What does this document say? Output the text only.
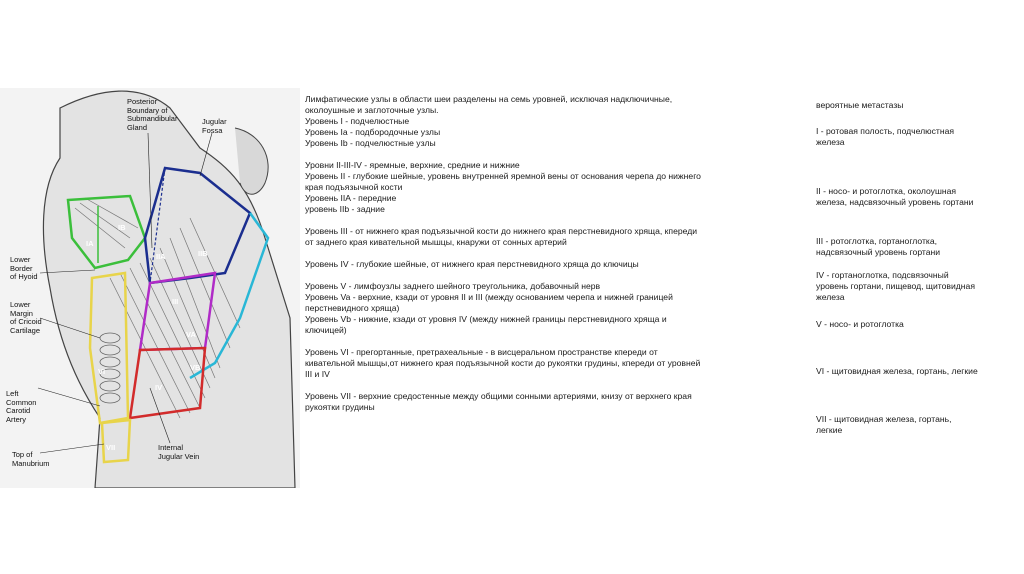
Posterior
Boundary of
Submandibular
Gland
Jugular
Fossa
Lower
Border
of Hyoid
Lower
Margin
of Cricoid
Cartilage
Left
Common
Carotid
Artery
Top of
Manubrium
Internal
Jugular Vein
IA
IB
IIA	IIB
III
IV
VA
VB
VI
VII
Лимфатические узлы в области шеи разделены на семь уровней, исключая надключичные,
околоушные и заглоточные узлы.
Уровень I - подчелюстные
Уровень Ia - подбородочные узлы
Уровень Ib - подчелюстные узлы
Уровни II-III-IV - яремные, верхние, средние и нижние
Уровень II - глубокие шейные, уровень внутренней яремной вены от основания черепа до нижнего
края подъязычной кости
Уровень IIA - передние
уровень IIb - задние
Уровень III - от нижнего края подъязычной кости до нижнего края перстневидного хряща, кпереди
от заднего края кивательной мышцы, кнаружи от сонных артерий
Уровень IV - глубокие шейные, от нижнего края перстневидного хряща до ключицы
Уровень V - лимфоузлы заднего шейного треугольника, добавочный нерв
Уровень Va - верхние, кзади от уровня II и III (между основанием черепа и нижней границей
перстневидного хряща)
Уровень Vb - нижние, кзади от уровня IV (между нижней границы перстневидного хряща и
ключицей)
Уровень VI - прегортанные, претрахеальные - в висцеральном пространстве кпереди от
кивательной мышцы,от нижнего края подъязычной кости до рукоятки грудины, кпереди от уровней
III и IV
Уровень VII - верхние средостенные между общими сонными артериями, книзу от верхнего края
рукоятки грудины
вероятные метастазы
I - ротовая полость, подчелюстная
железа
II - носо- и ротоглотка, околоушная
железа, надсвязочный уровень гортани
III - ротоглотка, гортаноглотка,
надсвязочный уровень гортани
IV - гортаноглотка, подсвязочный
уровень гортани, пищевод, щитовидная
железа
V - носо- и ротоглотка
VI - щитовидная железа, гортань, легкие
VII - щитовидная железа, гортань,
легкие
